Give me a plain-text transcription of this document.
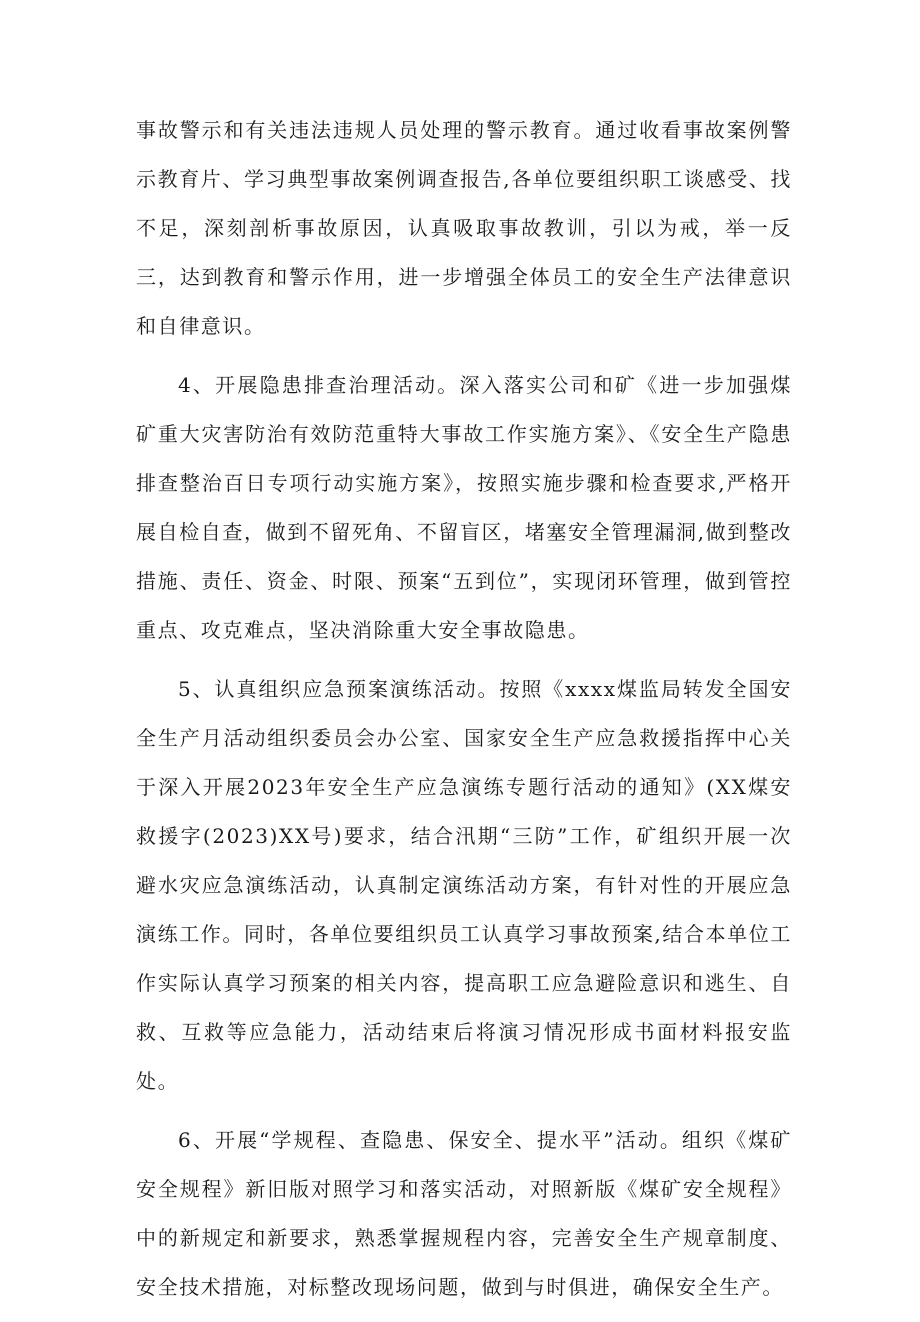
事故警示和有关违法违规人员处理的警示教育。通过收看事故案例警示教育片、学习典型事故案例调查报告,各单位要组织职工谈感受、找不足，深刻剖析事故原因，认真吸取事故教训，引以为戒，举一反三，达到教育和警示作用，进一步增强全体员工的安全生产法律意识和自律意识。

4、开展隐患排查治理活动。深入落实公司和矿《进一步加强煤矿重大灾害防治有效防范重特大事故工作实施方案》、《安全生产隐患排查整治百日专项行动实施方案》，按照实施步骤和检查要求,严格开展自检自查，做到不留死角、不留盲区，堵塞安全管理漏洞,做到整改措施、责任、资金、时限、预案“五到位”，实现闭环管理，做到管控重点、攻克难点，坚决消除重大安全事故隐患。

5、认真组织应急预案演练活动。按照《xxxx煤监局转发全国安全生产月活动组织委员会办公室、国家安全生产应急救援指挥中心关于深入开展2023年安全生产应急演练专题行活动的通知》(XX煤安救援字(2023)XX号)要求，结合汛期“三防”工作，矿组织开展一次避水灾应急演练活动，认真制定演练活动方案，有针对性的开展应急演练工作。同时，各单位要组织员工认真学习事故预案,结合本单位工作实际认真学习预案的相关内容，提高职工应急避险意识和逃生、自救、互救等应急能力，活动结束后将演习情况形成书面材料报安监处。

6、开展“学规程、查隐患、保安全、提水平”活动。组织《煤矿安全规程》新旧版对照学习和落实活动，对照新版《煤矿安全规程》中的新规定和新要求，熟悉掌握规程内容，完善安全生产规章制度、安全技术措施，对标整改现场问题，做到与时俱进，确保安全生产。
